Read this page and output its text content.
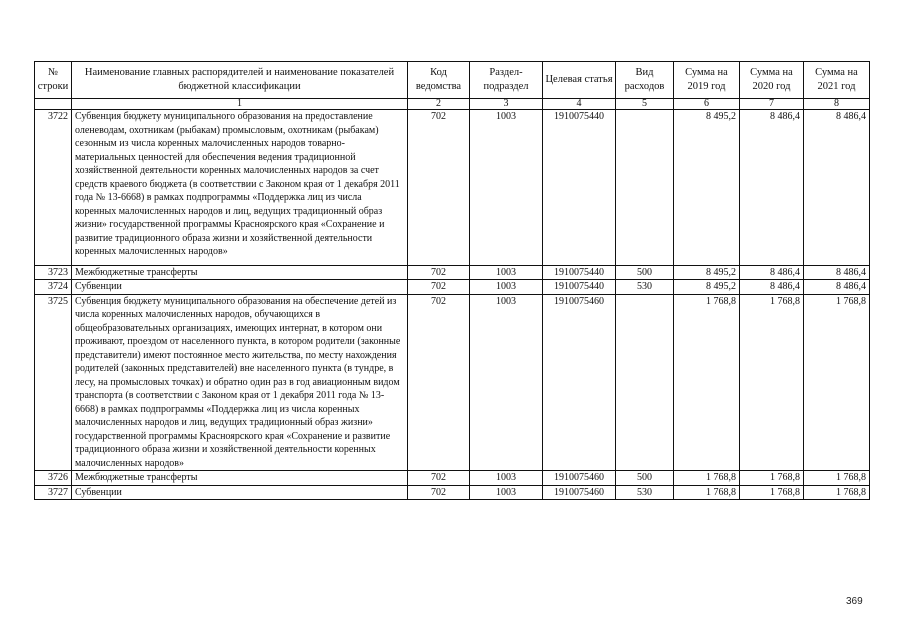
№ строки	Наименование главных распорядителей и наименование показателей бюджетной классификации	Код ведомства	Раздел-подраздел	Целевая статья	Вид расходов	Сумма на 2019 год	Сумма на 2020 год	Сумма на 2021 год
	1	2	3	4	5	6	7	8
3722	Субвенция бюджету муниципального образования на предоставление оленеводам, охотникам (рыбакам) промысловым, охотникам (рыбакам) сезонным из числа коренных малочисленных народов товарно-материальных ценностей для обеспечения ведения традиционной хозяйственной деятельности коренных малочисленных народов за счет средств краевого бюджета (в соответствии с Законом края от 1 декабря 2011 года № 13-6668) в рамках подпрограммы «Поддержка лиц из числа коренных малочисленных народов и лиц, ведущих традиционный образ жизни» государственной программы Красноярского края «Сохранение и развитие традиционного образа жизни и хозяйственной деятельности коренных малочисленных народов»	702	1003	1910075440		8 495,2	8 486,4	8 486,4
3723	Межбюджетные трансферты	702	1003	1910075440	500	8 495,2	8 486,4	8 486,4
3724	Субвенции	702	1003	1910075440	530	8 495,2	8 486,4	8 486,4
3725	Субвенция бюджету муниципального образования на обеспечение детей из числа коренных малочисленных народов, обучающихся в общеобразовательных организациях, имеющих интернат, в котором они проживают, проездом от населенного пункта, в котором родители (законные представители) имеют постоянное место жительства, по месту нахождения родителей (законных представителей) вне населенного пункта (в тундре, в лесу, на промысловых точках) и обратно один раз в год авиационным видом транспорта (в соответствии с Законом края от 1 декабря 2011 года № 13-6668) в рамках подпрограммы «Поддержка лиц из числа коренных малочисленных народов и лиц, ведущих традиционный образ жизни» государственной программы Красноярского края «Сохранение и развитие традиционного образа жизни и хозяйственной деятельности коренных малочисленных народов»	702	1003	1910075460		1 768,8	1 768,8	1 768,8
3726	Межбюджетные трансферты	702	1003	1910075460	500	1 768,8	1 768,8	1 768,8
3727	Субвенции	702	1003	1910075460	530	1 768,8	1 768,8	1 768,8
369
